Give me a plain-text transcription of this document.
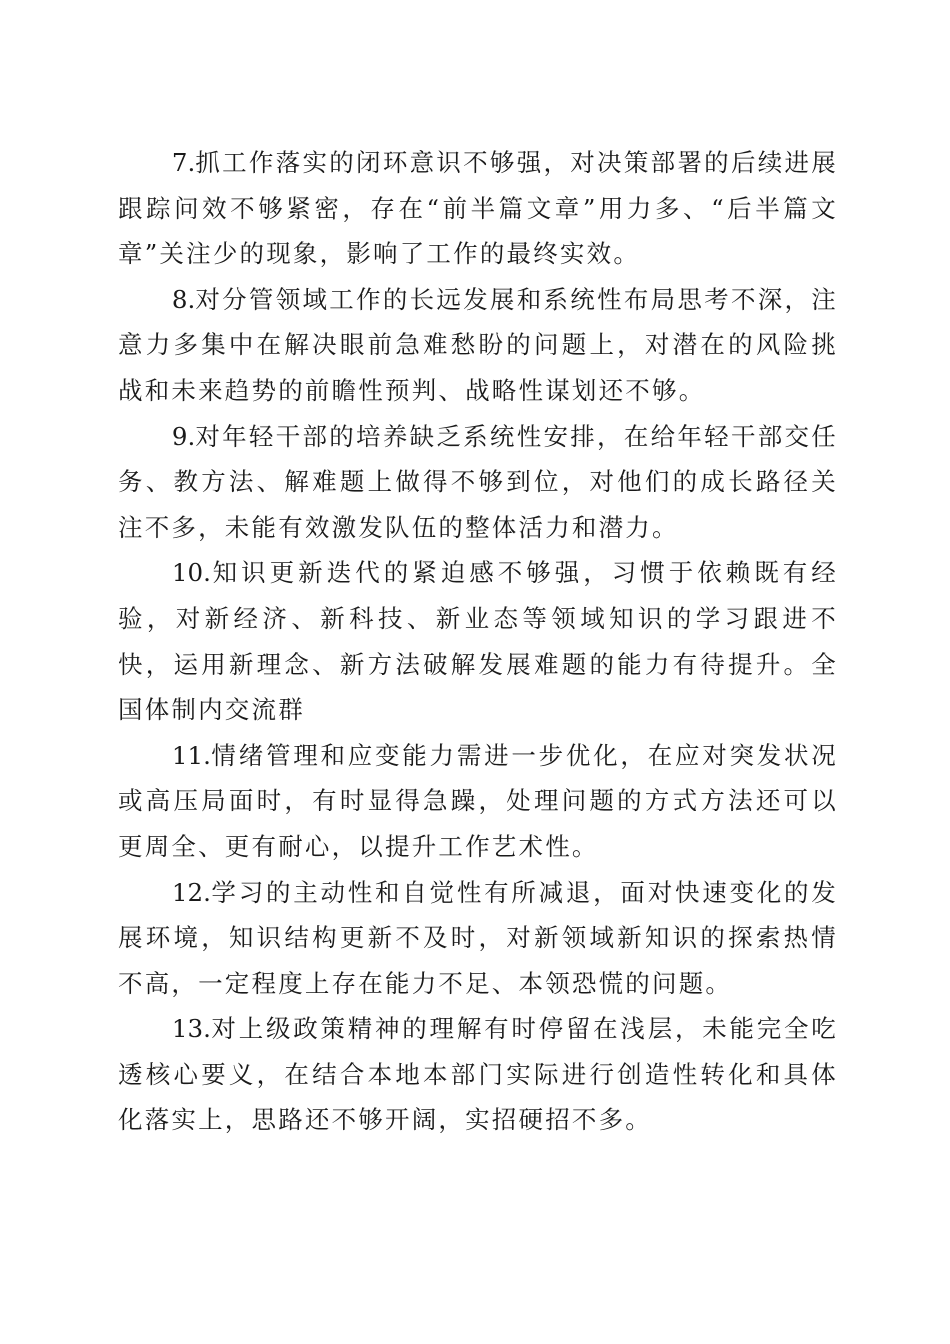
7.抓工作落实的闭环意识不够强，对决策部署的后续进展跟踪问效不够紧密，存在“前半篇文章”用力多、“后半篇文章”关注少的现象，影响了工作的最终实效。

8.对分管领域工作的长远发展和系统性布局思考不深，注意力多集中在解决眼前急难愁盼的问题上，对潜在的风险挑战和未来趋势的前瞻性预判、战略性谋划还不够。

9.对年轻干部的培养缺乏系统性安排，在给年轻干部交任务、教方法、解难题上做得不够到位，对他们的成长路径关注不多，未能有效激发队伍的整体活力和潜力。

10.知识更新迭代的紧迫感不够强，习惯于依赖既有经验，对新经济、新科技、新业态等领域知识的学习跟进不快，运用新理念、新方法破解发展难题的能力有待提升。全国体制内交流群

11.情绪管理和应变能力需进一步优化，在应对突发状况或高压局面时，有时显得急躁，处理问题的方式方法还可以更周全、更有耐心，以提升工作艺术性。

12.学习的主动性和自觉性有所减退，面对快速变化的发展环境，知识结构更新不及时，对新领域新知识的探索热情不高，一定程度上存在能力不足、本领恐慌的问题。

13.对上级政策精神的理解有时停留在浅层，未能完全吃透核心要义，在结合本地本部门实际进行创造性转化和具体化落实上，思路还不够开阔，实招硬招不多。
